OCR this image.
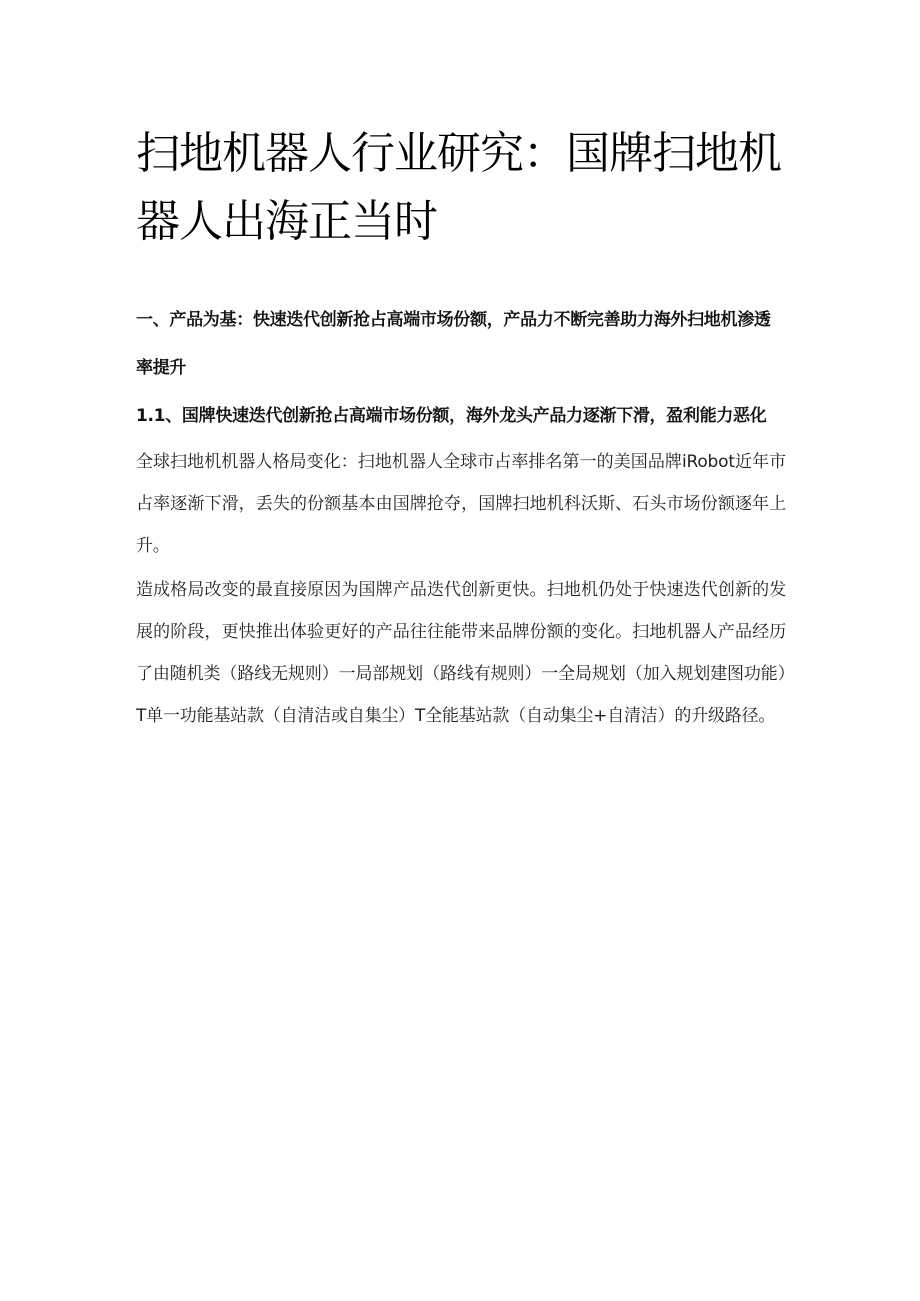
扫地机器人行业研究：国牌扫地机器人出海正当时
一、产品为基：快速迭代创新抢占高端市场份额，产品力不断完善助力海外扫地机渗透率提升
1.1、国牌快速迭代创新抢占高端市场份额，海外龙头产品力逐渐下滑，盈利能力恶化

全球扫地机机器人格局变化：扫地机器人全球市占率排名第一的美国品牌iRobot近年市占率逐渐下滑，丢失的份额基本由国牌抢夺，国牌扫地机科沃斯、石头市场份额逐年上升。

造成格局改变的最直接原因为国牌产品迭代创新更快。扫地机仍处于快速迭代创新的发展的阶段，更快推出体验更好的产品往往能带来品牌份额的变化。扫地机器人产品经历了由随机类（路线无规则）一局部规划（路线有规则）一全局规划（加入规划建图功能）T单一功能基站款（自清洁或自集尘）T全能基站款（自动集尘+自清洁）的升级路径。
